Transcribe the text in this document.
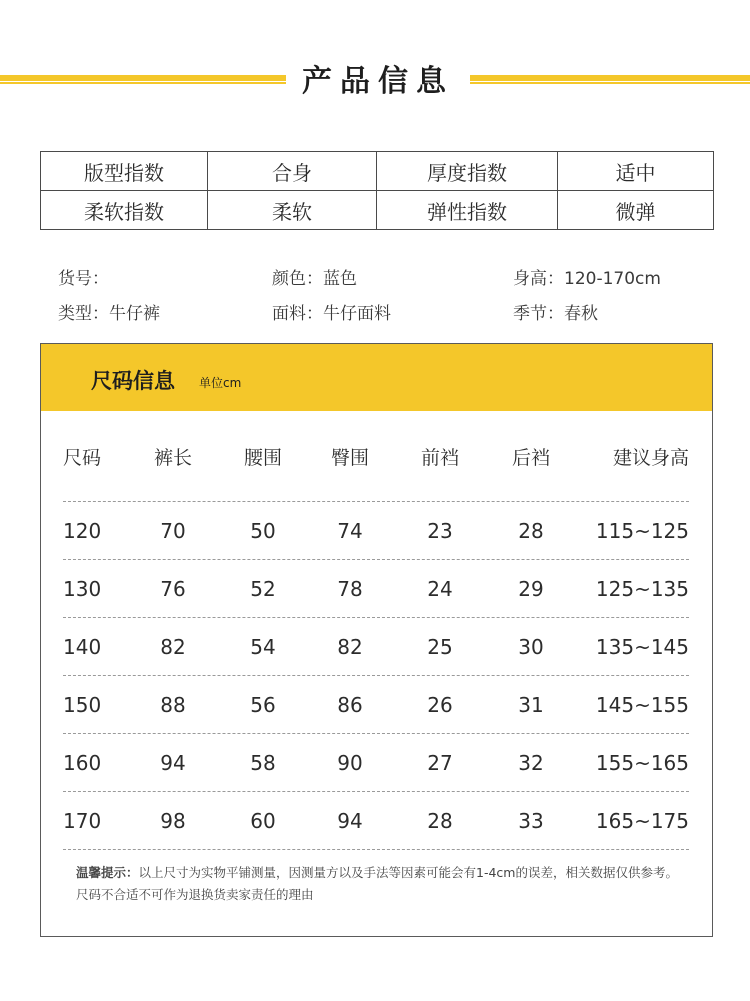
产品信息
版型指数	合身	厚度指数	适中
柔软指数	柔软	弹性指数	微弹
货号：	颜色：蓝色	身高：120-170cm
类型：牛仔裤	面料：牛仔面料	季节：春秋
尺码信息 单位cm
尺码	裤长	腰围	臀围	前裆	后裆	建议身高
120	70	50	74	23	28	115~125
130	76	52	78	24	29	125~135
140	82	54	82	25	30	135~145
150	88	56	86	26	31	145~155
160	94	58	90	27	32	155~165
170	98	60	94	28	33	165~175
温馨提示：以上尺寸为实物平铺测量，因测量方以及手法等因素可能会有1-4cm的误差，相关数据仅供参考。尺码不合适不可作为退换货卖家责任的理由
